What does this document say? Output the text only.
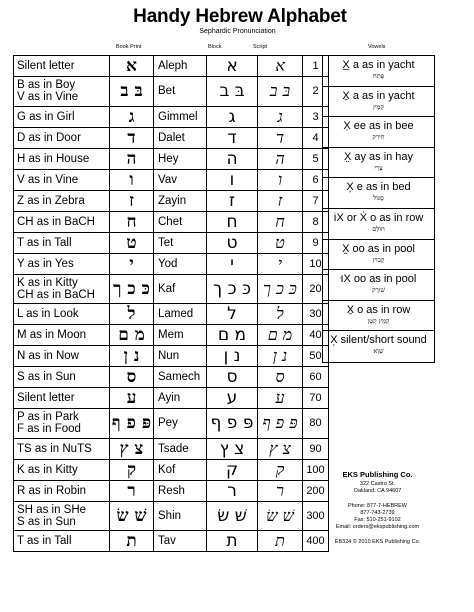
Handy Hebrew Alphabet
Sephardic Pronunciation
Book Print	Block	Script	Vowels
Silent letter	א	Aleph	א	א	1

B as in Boy
V as in Vine	בּ ב	Bet	בּ ב	בּ ב	2

G as in Girl	ג	Gimmel	ג	ג	3

D as in Door	ד	Dalet	ד	ד	4

H as in House	ה	Hey	ה	ה	5

V as in Vine	ו	Vav	ו	ו	6

Z as in Zebra	ז	Zayin	ז	ז	7

CH as in BaCH	ח	Chet	ח	ח	8

T as in Tall	ט	Tet	ט	ט	9

Y as in Yes	י	Yod	י	י	10

K as in Kitty
CH as in BaCH	כּ כ ך	Kaf	כּ כ ך	כּ כ ך	20

L as in Look	ל	Lamed	ל	ל	30

M as in Moon	מ ם	Mem	מ ם	מ ם	40

N as in Now	נ ן	Nun	נ ן	נ ן	50

S as in Sun	ס	Samech	ס	ס	60

Silent letter	ע	Ayin	ע	ע	70

P as in Park
F as in Food	פּ פ ף	Pey	פּ פ ף	פּ פ ף	80

TS as in NuTS	צ ץ	Tsade	צ ץ	צ ץ	90

K as in Kitty	ק	Kof	ק	ק	100

R as in Robin	ר	Resh	ר	ר	200

SH as in SHe
S as in Sun	שׁ שׂ	Shin	שׁ שׂ	שׁ שׂ	300

T as in Tall	ת	Tav	ת	ת	400
X̲ a as in yacht
פַּתַח
X̱ a as in yacht
קָמַץ
X̣ ee as in bee
חִירִק
X̤ ay as in hay
צֵרֵי
X̦ e as in bed
סֶגּוֹל
וֹX or Ẋ o as in row
חוֹלָם
X̤̣ oo as in pool
קֻבּוּץ
וּX oo as in pool
שׁוּרֶק
X̱ o as in row
קָמַץ קָטָן
X̩ silent/short sound
שְׁוָא
EKS Publishing Co.
322 Castro St.
Oakland, CA 94607
Phone: 877-7-HEBREW
877-743-2739
Fax: 510-251-9102
Email: orders@ekspublishing.com
EB324 © 2010 EKS Publishing Co.
